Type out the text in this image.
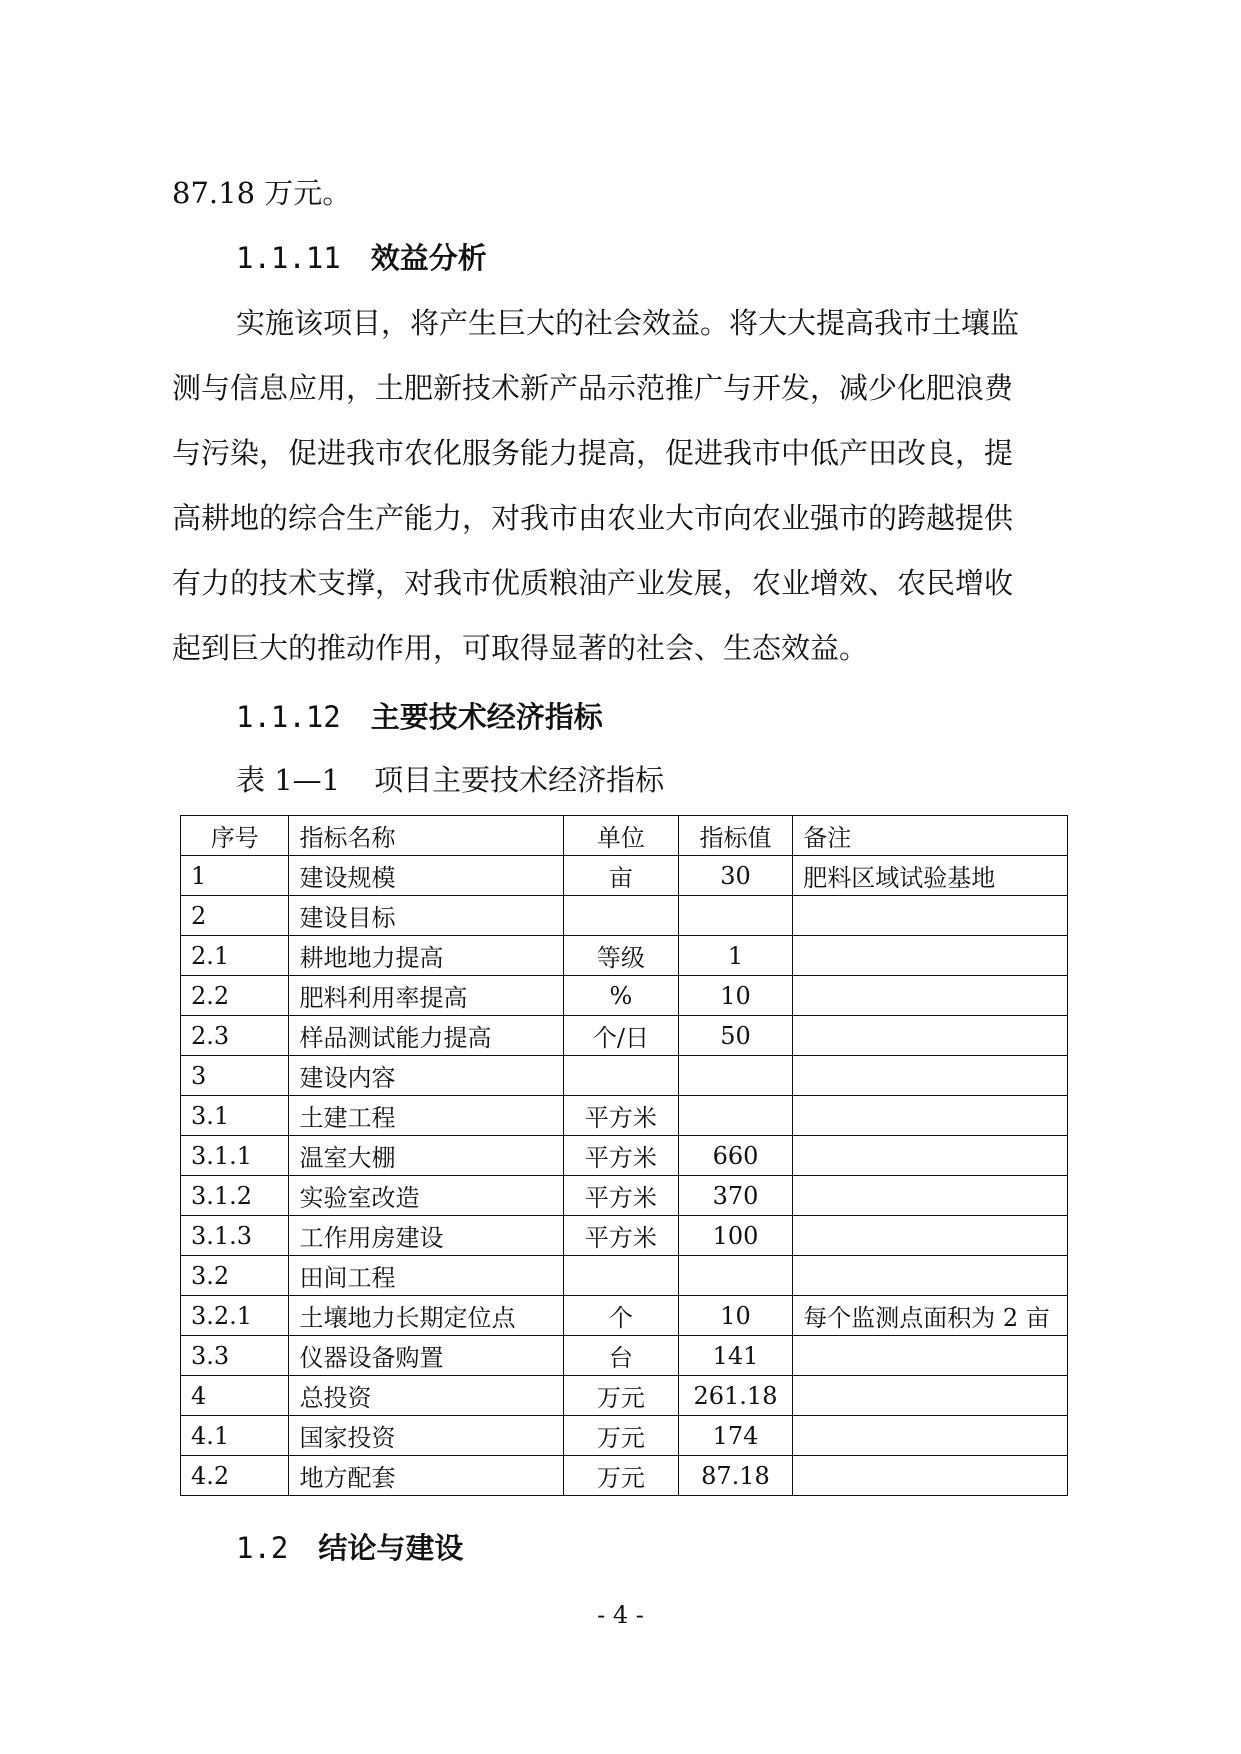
87.18 万元。
1.1.11 效益分析
实施该项目，将产生巨大的社会效益。将大大提高我市土壤监
测与信息应用，土肥新技术新产品示范推广与开发，减少化肥浪费
与污染，促进我市农化服务能力提高，促进我市中低产田改良，提
高耕地的综合生产能力，对我市由农业大市向农业强市的跨越提供
有力的技术支撑，对我市优质粮油产业发展，农业增效、农民增收
起到巨大的推动作用，可取得显著的社会、生态效益。
1.1.12 主要技术经济指标
表 1—1 项目主要技术经济指标
序号	指标名称	单位	指标值	备注
1	建设规模	亩	30	肥料区域试验基地
2	建设目标			
2.1	耕地地力提高	等级	1	
2.2	肥料利用率提高	%	10	
2.3	样品测试能力提高	个/日	50	
3	建设内容			
3.1	土建工程	平方米		
3.1.1	温室大棚	平方米	660	
3.1.2	实验室改造	平方米	370	
3.1.3	工作用房建设	平方米	100	
3.2	田间工程			
3.2.1	土壤地力长期定位点	个	10	每个监测点面积为 2 亩
3.3	仪器设备购置	台	141	
4	总投资	万元	261.18	
4.1	国家投资	万元	174	
4.2	地方配套	万元	87.18	
1.2 结论与建设
- 4 -
